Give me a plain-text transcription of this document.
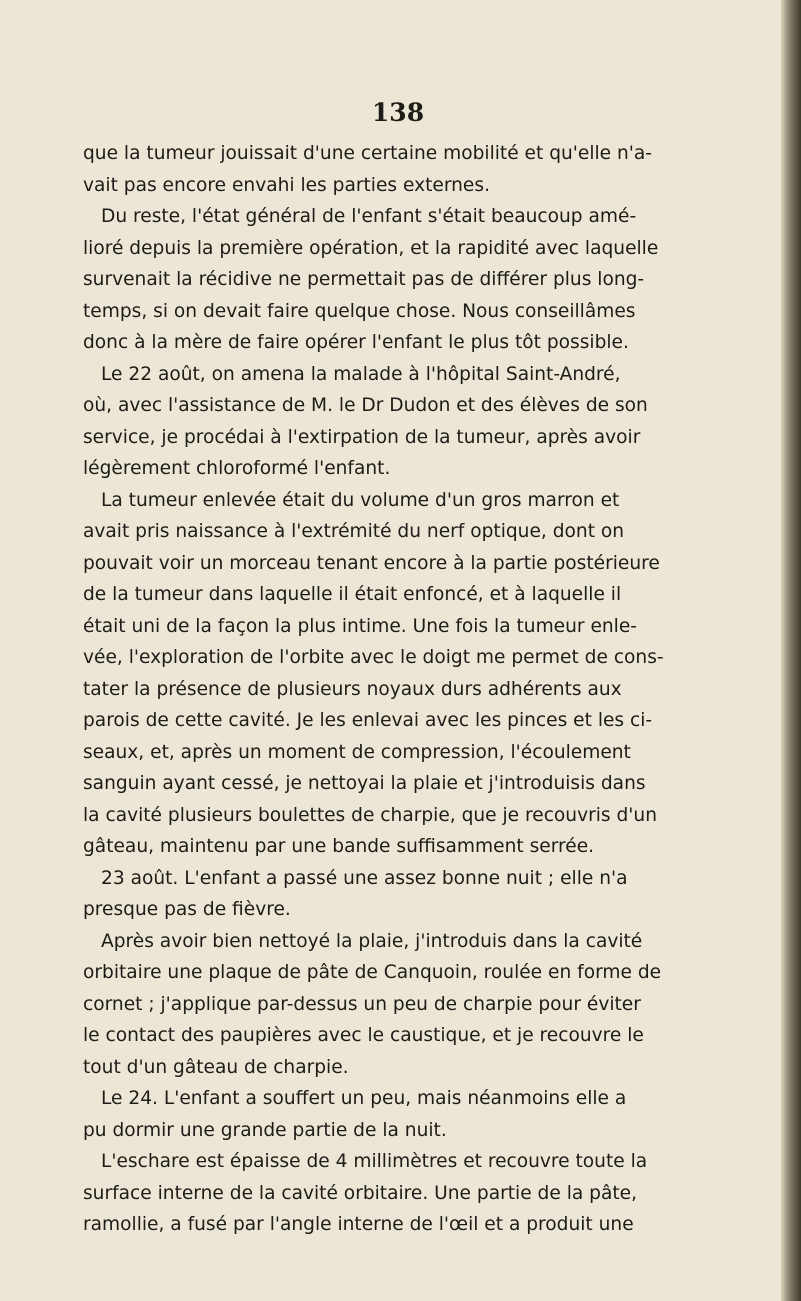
138
que la tumeur jouissait d'une certaine mobilité et qu'elle n'a-
vait pas encore envahi les parties externes.
Du reste, l'état général de l'enfant s'était beaucoup amé-
lioré depuis la première opération, et la rapidité avec laquelle
survenait la récidive ne permettait pas de différer plus long-
temps, si on devait faire quelque chose. Nous conseillâmes
donc à la mère de faire opérer l'enfant le plus tôt possible.
Le 22 août, on amena la malade à l'hôpital Saint-André,
où, avec l'assistance de M. le Dr Dudon et des élèves de son
service, je procédai à l'extirpation de la tumeur, après avoir
légèrement chloroformé l'enfant.
La tumeur enlevée était du volume d'un gros marron et
avait pris naissance à l'extrémité du nerf optique, dont on
pouvait voir un morceau tenant encore à la partie postérieure
de la tumeur dans laquelle il était enfoncé, et à laquelle il
était uni de la façon la plus intime. Une fois la tumeur enle-
vée, l'exploration de l'orbite avec le doigt me permet de cons-
tater la présence de plusieurs noyaux durs adhérents aux
parois de cette cavité. Je les enlevai avec les pinces et les ci-
seaux, et, après un moment de compression, l'écoulement
sanguin ayant cessé, je nettoyai la plaie et j'introduisis dans
la cavité plusieurs boulettes de charpie, que je recouvris d'un
gâteau, maintenu par une bande suffisamment serrée.
23 août. L'enfant a passé une assez bonne nuit ; elle n'a
presque pas de fièvre.
Après avoir bien nettoyé la plaie, j'introduis dans la cavité
orbitaire une plaque de pâte de Canquoin, roulée en forme de
cornet ; j'applique par-dessus un peu de charpie pour éviter
le contact des paupières avec le caustique, et je recouvre le
tout d'un gâteau de charpie.
Le 24. L'enfant a souffert un peu, mais néanmoins elle a
pu dormir une grande partie de la nuit.
L'eschare est épaisse de 4 millimètres et recouvre toute la
surface interne de la cavité orbitaire. Une partie de la pâte,
ramollie, a fusé par l'angle interne de l'œil et a produit une
